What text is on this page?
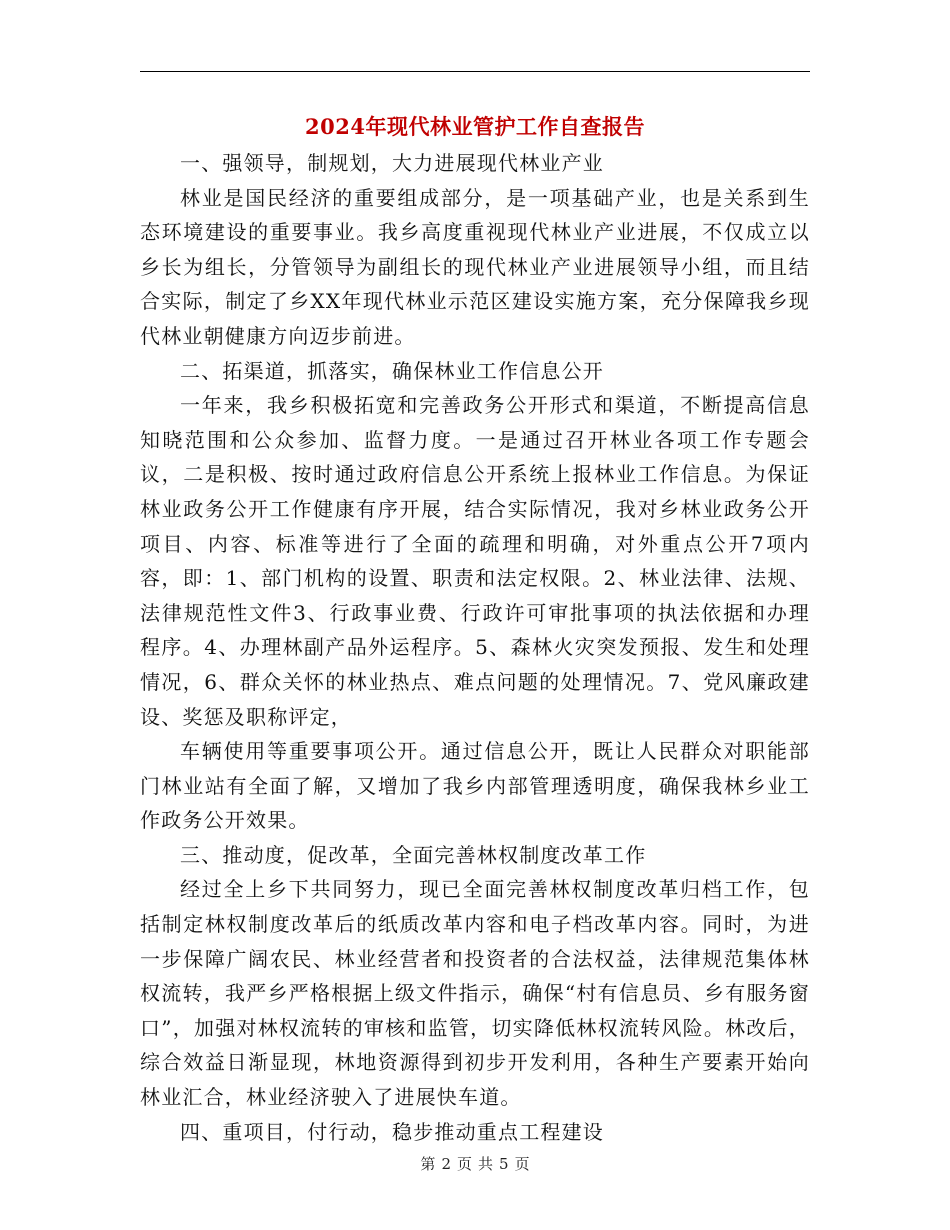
2024年现代林业管护工作自查报告

一、强领导，制规划，大力进展现代林业产业

林业是国民经济的重要组成部分，是一项基础产业，也是关系到生态环境建设的重要事业。我乡高度重视现代林业产业进展，不仅成立以乡长为组长，分管领导为副组长的现代林业产业进展领导小组，而且结合实际，制定了乡XX年现代林业示范区建设实施方案，充分保障我乡现代林业朝健康方向迈步前进。

二、拓渠道，抓落实，确保林业工作信息公开

一年来，我乡积极拓宽和完善政务公开形式和渠道，不断提高信息知晓范围和公众参加、监督力度。一是通过召开林业各项工作专题会议，二是积极、按时通过政府信息公开系统上报林业工作信息。为保证林业政务公开工作健康有序开展，结合实际情况，我对乡林业政务公开项目、内容、标准等进行了全面的疏理和明确，对外重点公开7项内容，即：1、部门机构的设置、职责和法定权限。2、林业法律、法规、法律规范性文件3、行政事业费、行政许可审批事项的执法依据和办理程序。4、办理林副产品外运程序。5、森林火灾突发预报、发生和处理情况，6、群众关怀的林业热点、难点问题的处理情况。7、党风廉政建设、奖惩及职称评定，

车辆使用等重要事项公开。通过信息公开，既让人民群众对职能部门林业站有全面了解，又增加了我乡内部管理透明度，确保我林乡业工作政务公开效果。

三、推动度，促改革，全面完善林权制度改革工作

经过全上乡下共同努力，现已全面完善林权制度改革归档工作，包括制定林权制度改革后的纸质改革内容和电子档改革内容。同时，为进一步保障广阔农民、林业经营者和投资者的合法权益，法律规范集体林权流转，我严乡严格根据上级文件指示，确保“村有信息员、乡有服务窗口”，加强对林权流转的审核和监管，切实降低林权流转风险。林改后，综合效益日渐显现，林地资源得到初步开发利用，各种生产要素开始向林业汇合，林业经济驶入了进展快车道。

四、重项目，付行动，稳步推动重点工程建设

第 2 页 共 5 页
